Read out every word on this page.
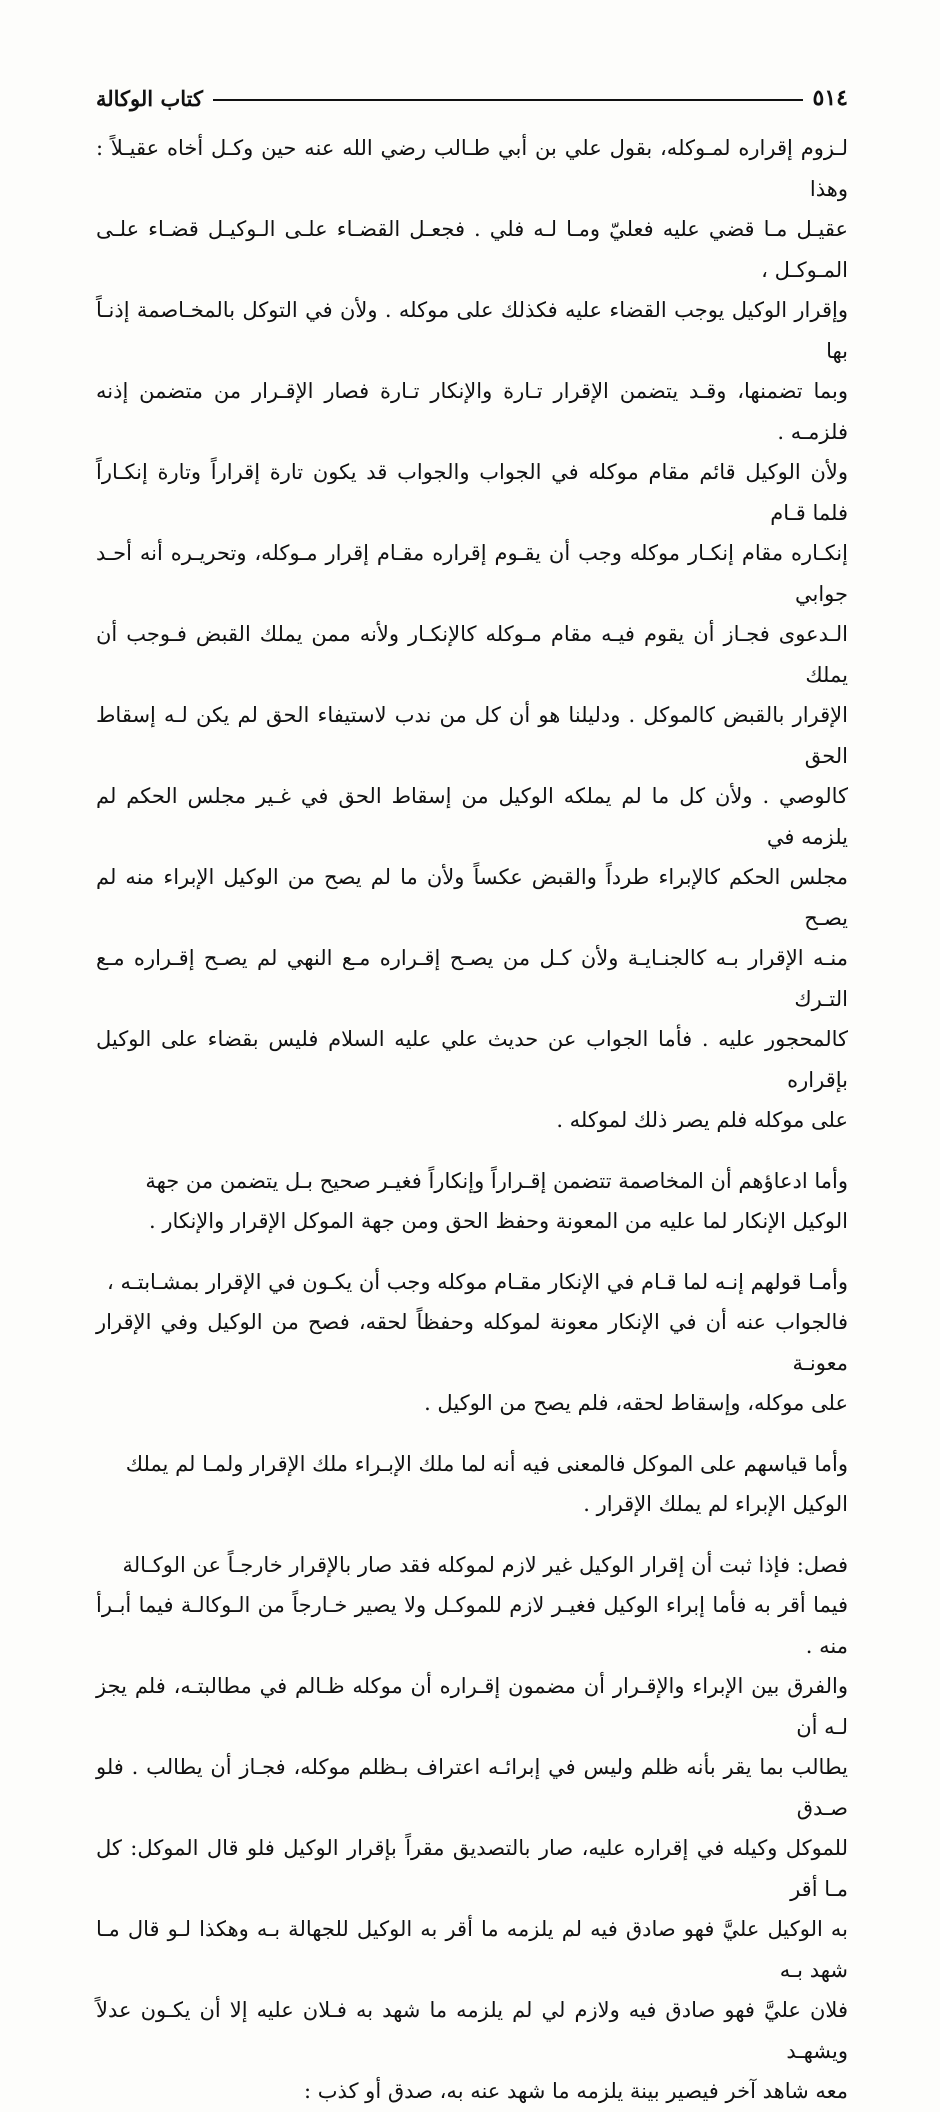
٥١٤
كتاب الوكالة
لـزوم إقراره لمـوكله، بقول علي بن أبي طـالب رضي الله عنه حين وكـل أخاه عقيـلاً : وهذا
عقيـل مـا قضي عليه فعليّ ومـا لـه فلي . فجعـل القضـاء علـى الـوكيـل قضـاء علـى المـوكـل ،
وإقرار الوكيل يوجب القضاء عليه فكذلك على موكله . ولأن في التوكل بالمخـاصمة إذنـاً بها
وبما تضمنها، وقـد يتضمن الإقرار تـارة والإنكار تـارة فصار الإقـرار من متضمن إذنه فلزمـه .
ولأن الوكيل قائم مقام موكله في الجواب والجواب قد يكون تارة إقراراً وتارة إنكـاراً فلما قـام
إنكـاره مقام إنكـار موكله وجب أن يقـوم إقراره مقـام إقرار مـوكله، وتحريـره أنه أحـد جوابي
الـدعوى فجـاز أن يقوم فيـه مقام مـوكله كالإنكـار ولأنه ممن يملك القبض فـوجب أن يملك
الإقرار بالقبض كالموكل . ودليلنا هو أن كل من ندب لاستيفاء الحق لم يكن لـه إسقاط الحق
كالوصي . ولأن كل ما لم يملكه الوكيل من إسقاط الحق في غـير مجلس الحكم لم يلزمه في
مجلس الحكم كالإبراء طرداً والقبض عكساً ولأن ما لم يصح من الوكيل الإبراء منه لم يصـح
منـه الإقرار بـه كالجنـايـة ولأن كـل من يصـح إقـراره مـع النهي لم يصـح إقـراره مـع التـرك
كالمحجور عليه . فأما الجواب عن حديث علي عليه السلام فليس بقضاء على الوكيل بإقراره
على موكله فلم يصر ذلك لموكله .
وأما ادعاؤهم أن المخاصمة تتضمن إقـراراً وإنكاراً فغيـر صحيح بـل يتضمن من جهة
الوكيل الإنكار لما عليه من المعونة وحفظ الحق ومن جهة الموكل الإقرار والإنكار .
وأمـا قولهم إنـه لما قـام في الإنكار مقـام موكله وجب أن يكـون في الإقرار بمشـابتـه ،
فالجواب عنه أن في الإنكار معونة لموكله وحفظاً لحقه، فصح من الوكيل وفي الإقرار معونـة
على موكله، وإسقاط لحقه، فلم يصح من الوكيل .
وأما قياسهم على الموكل فالمعنى فيه أنه لما ملك الإبـراء ملك الإقرار ولمـا لم يملك
الوكيل الإبراء لم يملك الإقرار .
فصل: فإذا ثبت أن إقرار الوكيل غير لازم لموكله فقد صار بالإقرار خارجـاً عن الوكـالة
فيما أقر به فأما إبراء الوكيل فغيـر لازم للموكـل ولا يصير خـارجاً من الـوكالـة فيما أبـرأ منه .
والفرق بين الإبراء والإقـرار أن مضمون إقـراره أن موكله ظـالم في مطالبتـه، فلم يجز لـه أن
يطالب بما يقر بأنه ظلم وليس في إبرائـه اعتراف بـظلم موكله، فجـاز أن يطالب . فلو صـدق
للموكل وكيله في إقراره عليه، صار بالتصديق مقراً بإقرار الوكيل فلو قال الموكل: كل مـا أقر
به الوكيل عليَّ فهو صادق فيه لم يلزمه ما أقر به الوكيل للجهالة بـه وهكذا لـو قال مـا شهد بـه
فلان عليَّ فهو صادق فيه ولازم لي لم يلزمه ما شهد به فـلان عليه إلا أن يكـون عدلاً ويشهـد
معه شاهد آخر فيصير بينة يلزمه ما شهد عنه به، صدق أو كذب :
